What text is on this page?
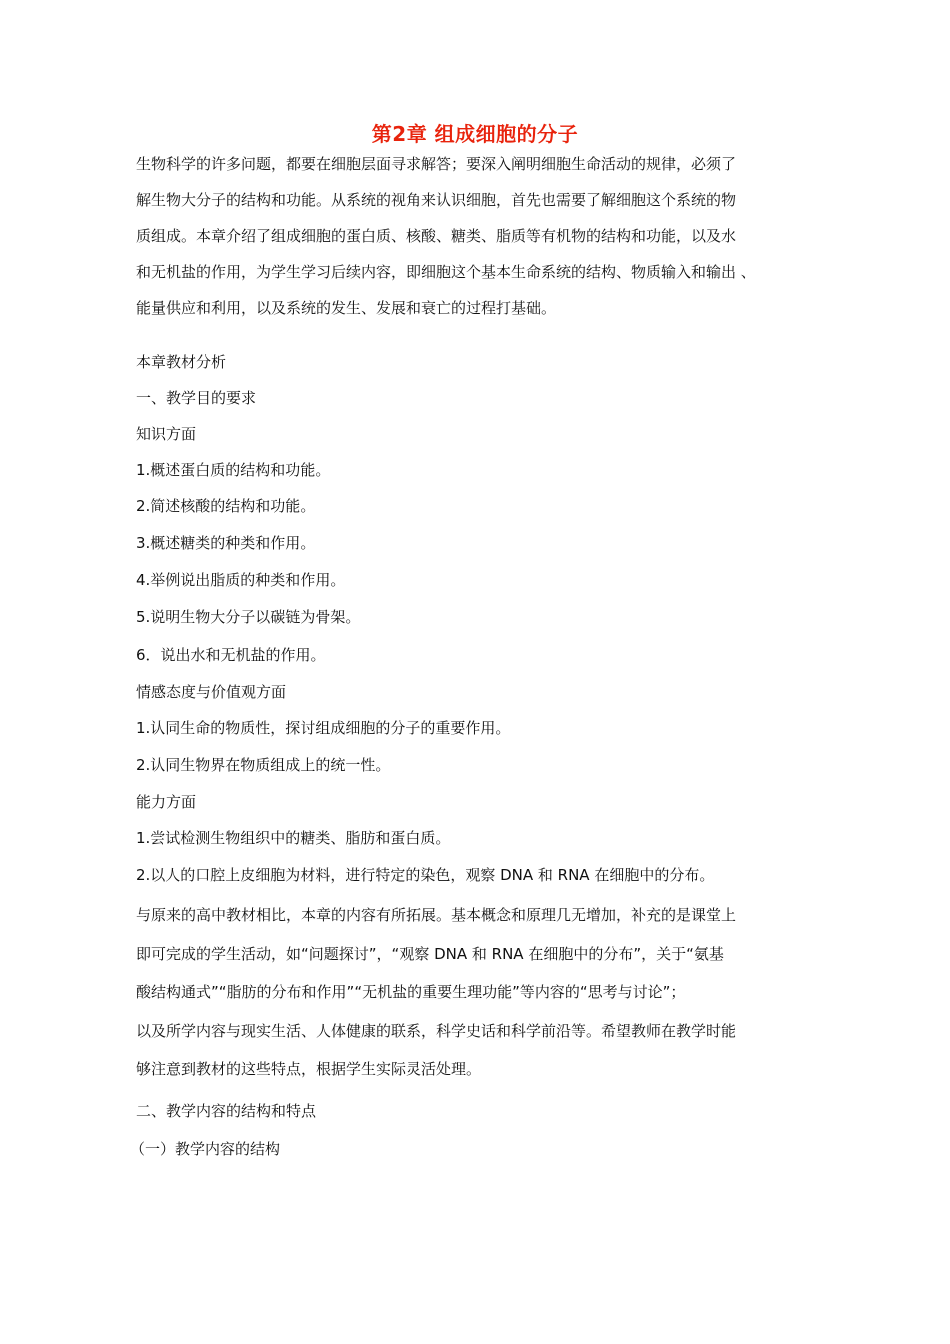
第2章 组成细胞的分子

生物科学的许多问题，都要在细胞层面寻求解答；要深入阐明细胞生命活动的规律，必须了
解生物大分子的结构和功能。从系统的视角来认识细胞，首先也需要了解细胞这个系统的物
质组成。本章介绍了组成细胞的蛋白质、核酸、糖类、脂质等有机物的结构和功能，以及水
和无机盐的作用，为学生学习后续内容，即细胞这个基本生命系统的结构、物质输入和输出 、
能量供应和利用，以及系统的发生、发展和衰亡的过程打基础。

本章教材分析

一、教学目的要求

知识方面

1.概述蛋白质的结构和功能。

2.简述核酸的结构和功能。

3.概述糖类的种类和作用。

4.举例说出脂质的种类和作用。

5.说明生物大分子以碳链为骨架。

6．说出水和无机盐的作用。

情感态度与价值观方面

1.认同生命的物质性，探讨组成细胞的分子的重要作用。

2.认同生物界在物质组成上的统一性。

能力方面

1.尝试检测生物组织中的糖类、脂肪和蛋白质。

2.以人的口腔上皮细胞为材料，进行特定的染色，观察 DNA 和 RNA 在细胞中的分布。

与原来的高中教材相比，本章的内容有所拓展。基本概念和原理几无增加，补充的是课堂上
即可完成的学生活动，如“问题探讨”，“观察 DNA 和 RNA 在细胞中的分布”，关于“氨基
酸结构通式”“脂肪的分布和作用”“无机盐的重要生理功能”等内容的“思考与讨论”；
以及所学内容与现实生活、人体健康的联系，科学史话和科学前沿等。希望教师在教学时能
够注意到教材的这些特点，根据学生实际灵活处理。

二、教学内容的结构和特点

（一）教学内容的结构
